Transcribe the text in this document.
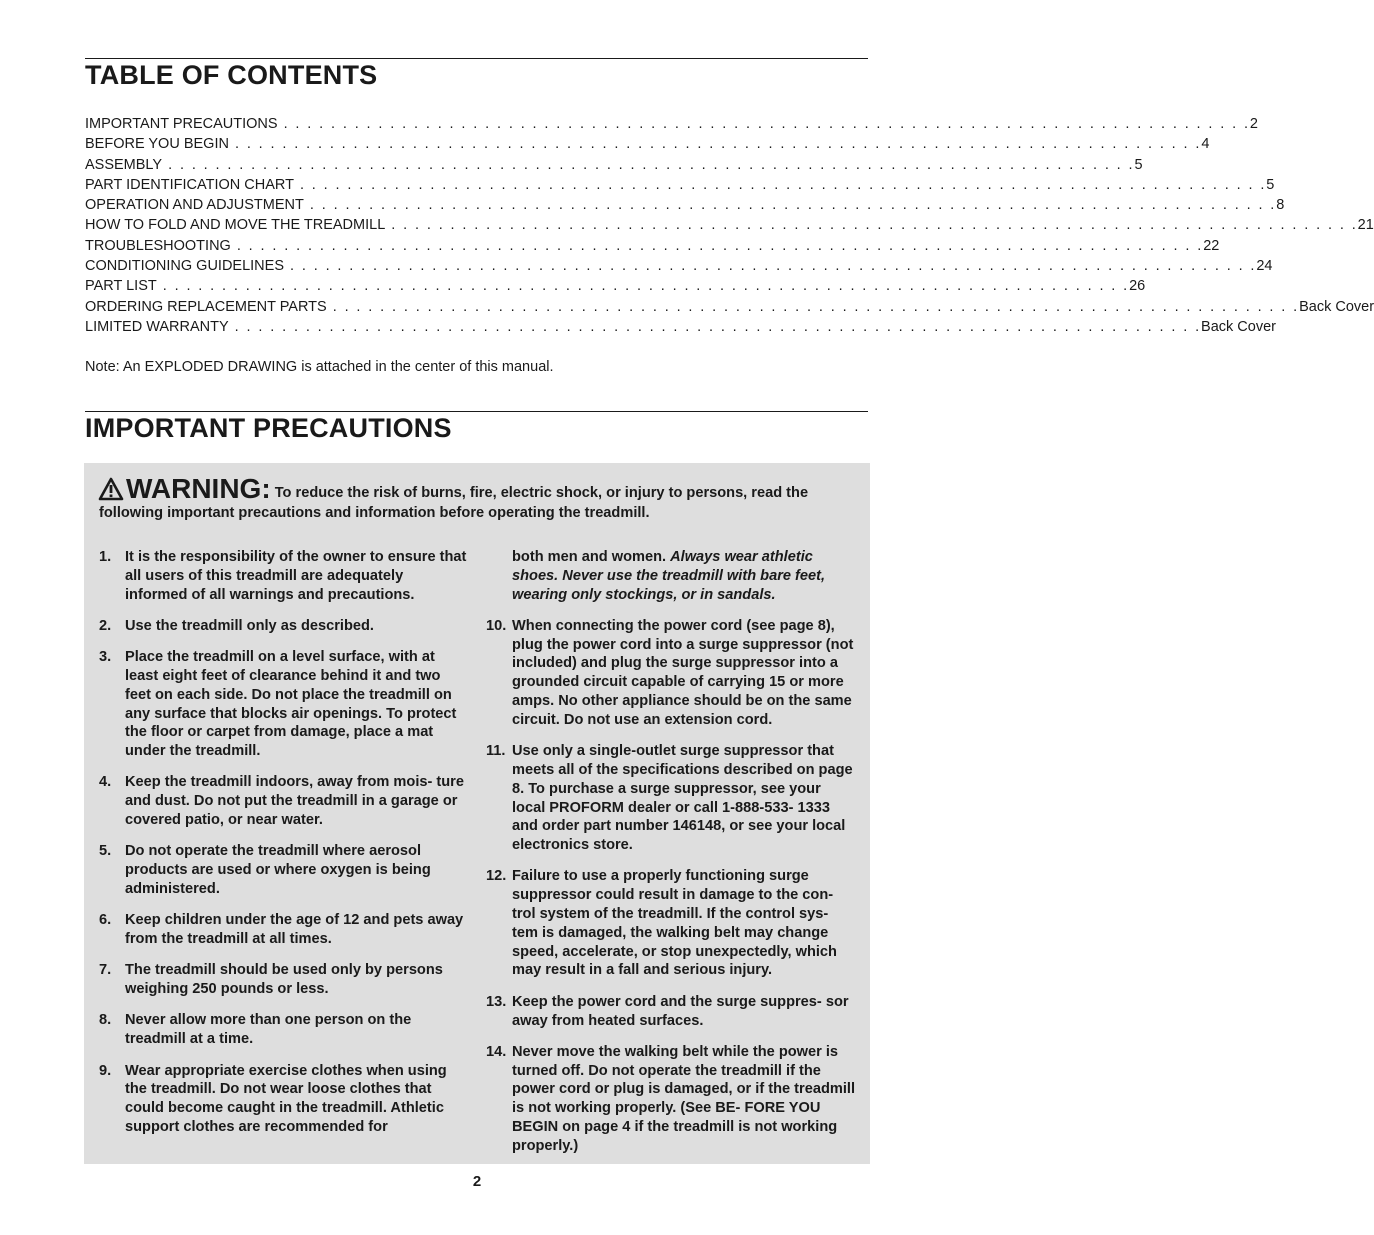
TABLE OF CONTENTS
IMPORTANT PRECAUTIONS . . . . . . . . . . . . . . . . . . . . . . . . . . . . . . . . . . . . . . . . . . . . . . . . . . . . . . . . . . . . . . . . . . . . . . . . . . . . . . . . . . 2
BEFORE YOU BEGIN . . . . . . . . . . . . . . . . . . . . . . . . . . . . . . . . . . . . . . . . . . . . . . . . . . . . . . . . . . . . . . . . . . . . . . . . . . . . . . . . . . 4
ASSEMBLY . . . . . . . . . . . . . . . . . . . . . . . . . . . . . . . . . . . . . . . . . . . . . . . . . . . . . . . . . . . . . . . . . . . . . . . . . . . . . . . . . . 5
PART IDENTIFICATION CHART . . . . . . . . . . . . . . . . . . . . . . . . . . . . . . . . . . . . . . . . . . . . . . . . . . . . . . . . . . . . . . . . . . . . . . . . . . . . . . . . . . 5
OPERATION AND ADJUSTMENT . . . . . . . . . . . . . . . . . . . . . . . . . . . . . . . . . . . . . . . . . . . . . . . . . . . . . . . . . . . . . . . . . . . . . . . . . . . . . . . . . . 8
HOW TO FOLD AND MOVE THE TREADMILL . . . . . . . . . . . . . . . . . . . . . . . . . . . . . . . . . . . . . . . . . . . . . . . . . . . . . . . . . . . . . . . . . . . . . . . . . . . . . . . . . . 21
TROUBLESHOOTING . . . . . . . . . . . . . . . . . . . . . . . . . . . . . . . . . . . . . . . . . . . . . . . . . . . . . . . . . . . . . . . . . . . . . . . . . . . . . . . . . . 22
CONDITIONING GUIDELINES . . . . . . . . . . . . . . . . . . . . . . . . . . . . . . . . . . . . . . . . . . . . . . . . . . . . . . . . . . . . . . . . . . . . . . . . . . . . . . . . . . 24
PART LIST . . . . . . . . . . . . . . . . . . . . . . . . . . . . . . . . . . . . . . . . . . . . . . . . . . . . . . . . . . . . . . . . . . . . . . . . . . . . . . . . . . 26
ORDERING REPLACEMENT PARTS . . . . . . . . . . . . . . . . . . . . . . . . . . . . . . . . . . . . . . . . . . . . . . . . . . . . . . . . . . . . . . . . . . . . . . . . . . . . . . . . . . Back Cover
LIMITED WARRANTY . . . . . . . . . . . . . . . . . . . . . . . . . . . . . . . . . . . . . . . . . . . . . . . . . . . . . . . . . . . . . . . . . . . . . . . . . . . . . . . . . . Back Cover
Note: An EXPLODED DRAWING is attached in the center of this manual.
IMPORTANT PRECAUTIONS
WARNING: To reduce the risk of burns, fire, electric shock, or injury to persons, read the following important precautions and information before operating the treadmill.
1. It is the responsibility of the owner to ensure that all users of this treadmill are adequately informed of all warnings and precautions.
2. Use the treadmill only as described.
3. Place the treadmill on a level surface, with at least eight feet of clearance behind it and two feet on each side. Do not place the treadmill on any surface that blocks air openings. To protect the floor or carpet from damage, place a mat under the treadmill.
4. Keep the treadmill indoors, away from mois- ture and dust. Do not put the treadmill in a garage or covered patio, or near water.
5. Do not operate the treadmill where aerosol products are used or where oxygen is being administered.
6. Keep children under the age of 12 and pets away from the treadmill at all times.
7. The treadmill should be used only by persons weighing 250 pounds or less.
8. Never allow more than one person on the treadmill at a time.
9. Wear appropriate exercise clothes when using the treadmill. Do not wear loose clothes that could become caught in the treadmill. Athletic support clothes are recommended for
both men and women. Always wear athletic shoes. Never use the treadmill with bare feet, wearing only stockings, or in sandals.
10. When connecting the power cord (see page 8), plug the power cord into a surge suppressor (not included) and plug the surge suppressor into a grounded circuit capable of carrying 15 or more amps. No other appliance should be on the same circuit. Do not use an extension cord.
11. Use only a single-outlet surge suppressor that meets all of the specifications described on page 8. To purchase a surge suppressor, see your local PROFORM dealer or call 1-888-533- 1333 and order part number 146148, or see your local electronics store.
12. Failure to use a properly functioning surge suppressor could result in damage to the con- trol system of the treadmill. If the control sys- tem is damaged, the walking belt may change speed, accelerate, or stop unexpectedly, which may result in a fall and serious injury.
13. Keep the power cord and the surge suppres- sor away from heated surfaces.
14. Never move the walking belt while the power is turned off. Do not operate the treadmill if the power cord or plug is damaged, or if the treadmill is not working properly. (See BE- FORE YOU BEGIN on page 4 if the treadmill is not working properly.)
2
